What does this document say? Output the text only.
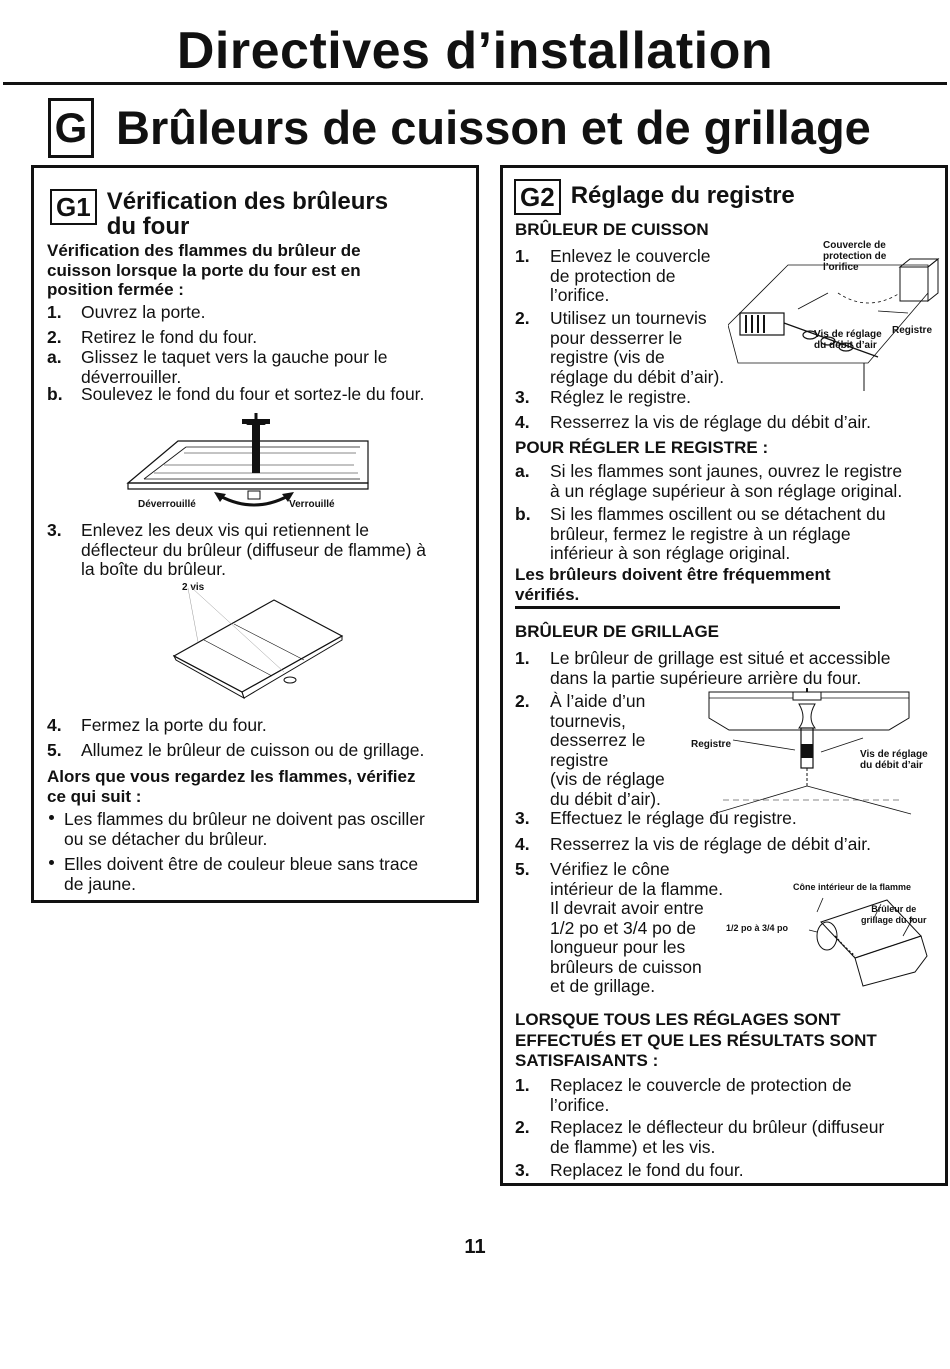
Directives d’installation
G Brûleurs de cuisson et de grillage
G1 Vérification des brûleurs
du four
Vérification des flammes du brûleur de
cuisson lorsque la porte du four est en
position fermée :
1. Ouvrez la porte.
2. Retirez le fond du four.
a. Glissez le taquet vers la gauche pour le
déverrouiller.
b. Soulevez le fond du four et sortez-le du four.
Déverrouillé	Verrouillé
3. Enlevez les deux vis qui retiennent le
déflecteur du brûleur (diffuseur de flamme) à
la boîte du brûleur.
2 vis
4. Fermez la porte du four.
5. Allumez le brûleur de cuisson ou de grillage.
Alors que vous regardez les flammes, vérifiez
ce qui suit :
Les flammes du brûleur ne doivent pas osciller
ou se détacher du brûleur.
Elles doivent être de couleur bleue sans trace
de jaune.
G2 Réglage du registre
BRÛLEUR DE CUISSON
1. Enlevez le couvercle
de protection de
l’orifice.
2. Utilisez un tournevis
pour desserrer le
registre (vis de
réglage du débit d’air).
3. Réglez le registre.
4. Resserrez la vis de réglage du débit d’air.
Couvercle de
protection de
l’orifice
Registre
Vis de réglage
du débit d’air
POUR RÉGLER LE REGISTRE :
a. Si les flammes sont jaunes, ouvrez le registre
à un réglage supérieur à son réglage original.
b. Si les flammes oscillent ou se détachent du
brûleur, fermez le registre à un réglage
inférieur à son réglage original.
Les brûleurs doivent être fréquemment
vérifiés.
BRÛLEUR DE GRILLAGE
1. Le brûleur de grillage est situé et accessible
dans la partie supérieure arrière du four.
2. À l’aide d’un
tournevis,
desserrez le
registre
(vis de réglage
du débit d’air).
Registre
Vis de réglage
du débit d’air
3. Effectuez le réglage du registre.
4. Resserrez la vis de réglage de débit d’air.
5. Vérifiez le cône
intérieur de la flamme.
Il devrait avoir entre
1/2 po et 3/4 po de
longueur pour les
brûleurs de cuisson
et de grillage.
Cône intérieur de la flamme
Brûleur de
grillage du four
1/2 po à 3/4 po
LORSQUE TOUS LES RÉGLAGES SONT
EFFECTUÉS ET QUE LES RÉSULTATS SONT
SATISFAISANTS :
1. Replacez le couvercle de protection de
l’orifice.
2. Replacez le déflecteur du brûleur (diffuseur
de flamme) et les vis.
3. Replacez le fond du four.
11
